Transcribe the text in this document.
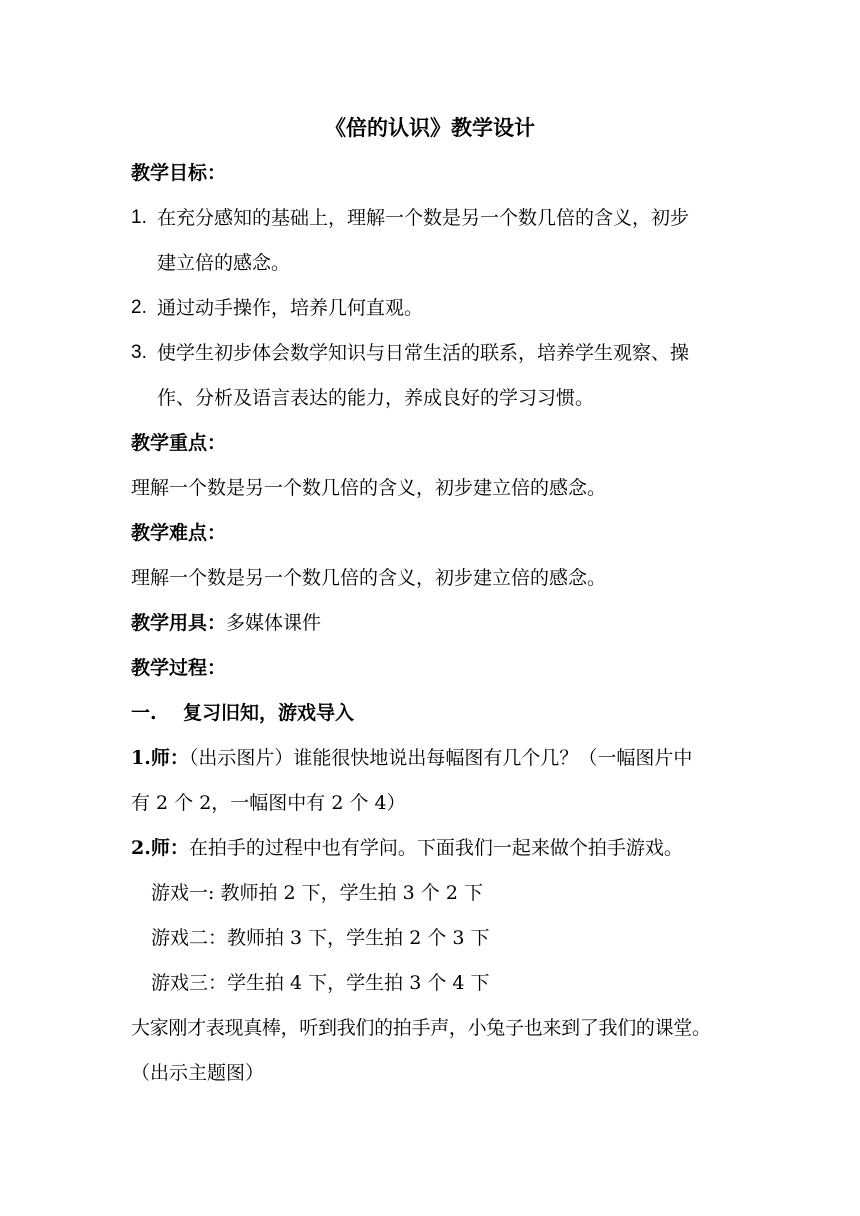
《倍的认识》教学设计
教学目标：
1. 在充分感知的基础上，理解一个数是另一个数几倍的含义，初步
建立倍的感念。
2. 通过动手操作，培养几何直观。
3. 使学生初步体会数学知识与日常生活的联系，培养学生观察、操
作、分析及语言表达的能力，养成良好的学习习惯。
教学重点：
理解一个数是另一个数几倍的含义，初步建立倍的感念。
教学难点：
理解一个数是另一个数几倍的含义，初步建立倍的感念。
教学用具：多媒体课件
教学过程：
一. 复习旧知，游戏导入
1.师：（出示图片）谁能很快地说出每幅图有几个几？（一幅图片中
有 2 个 2，一幅图中有 2 个 4）
2.师：在拍手的过程中也有学问。下面我们一起来做个拍手游戏。
游戏一: 教师拍 2 下，学生拍 3 个 2 下
游戏二：教师拍 3 下，学生拍 2 个 3 下
游戏三：学生拍 4 下，学生拍 3 个 4 下
大家刚才表现真棒，听到我们的拍手声，小兔子也来到了我们的课堂。
（出示主题图）
